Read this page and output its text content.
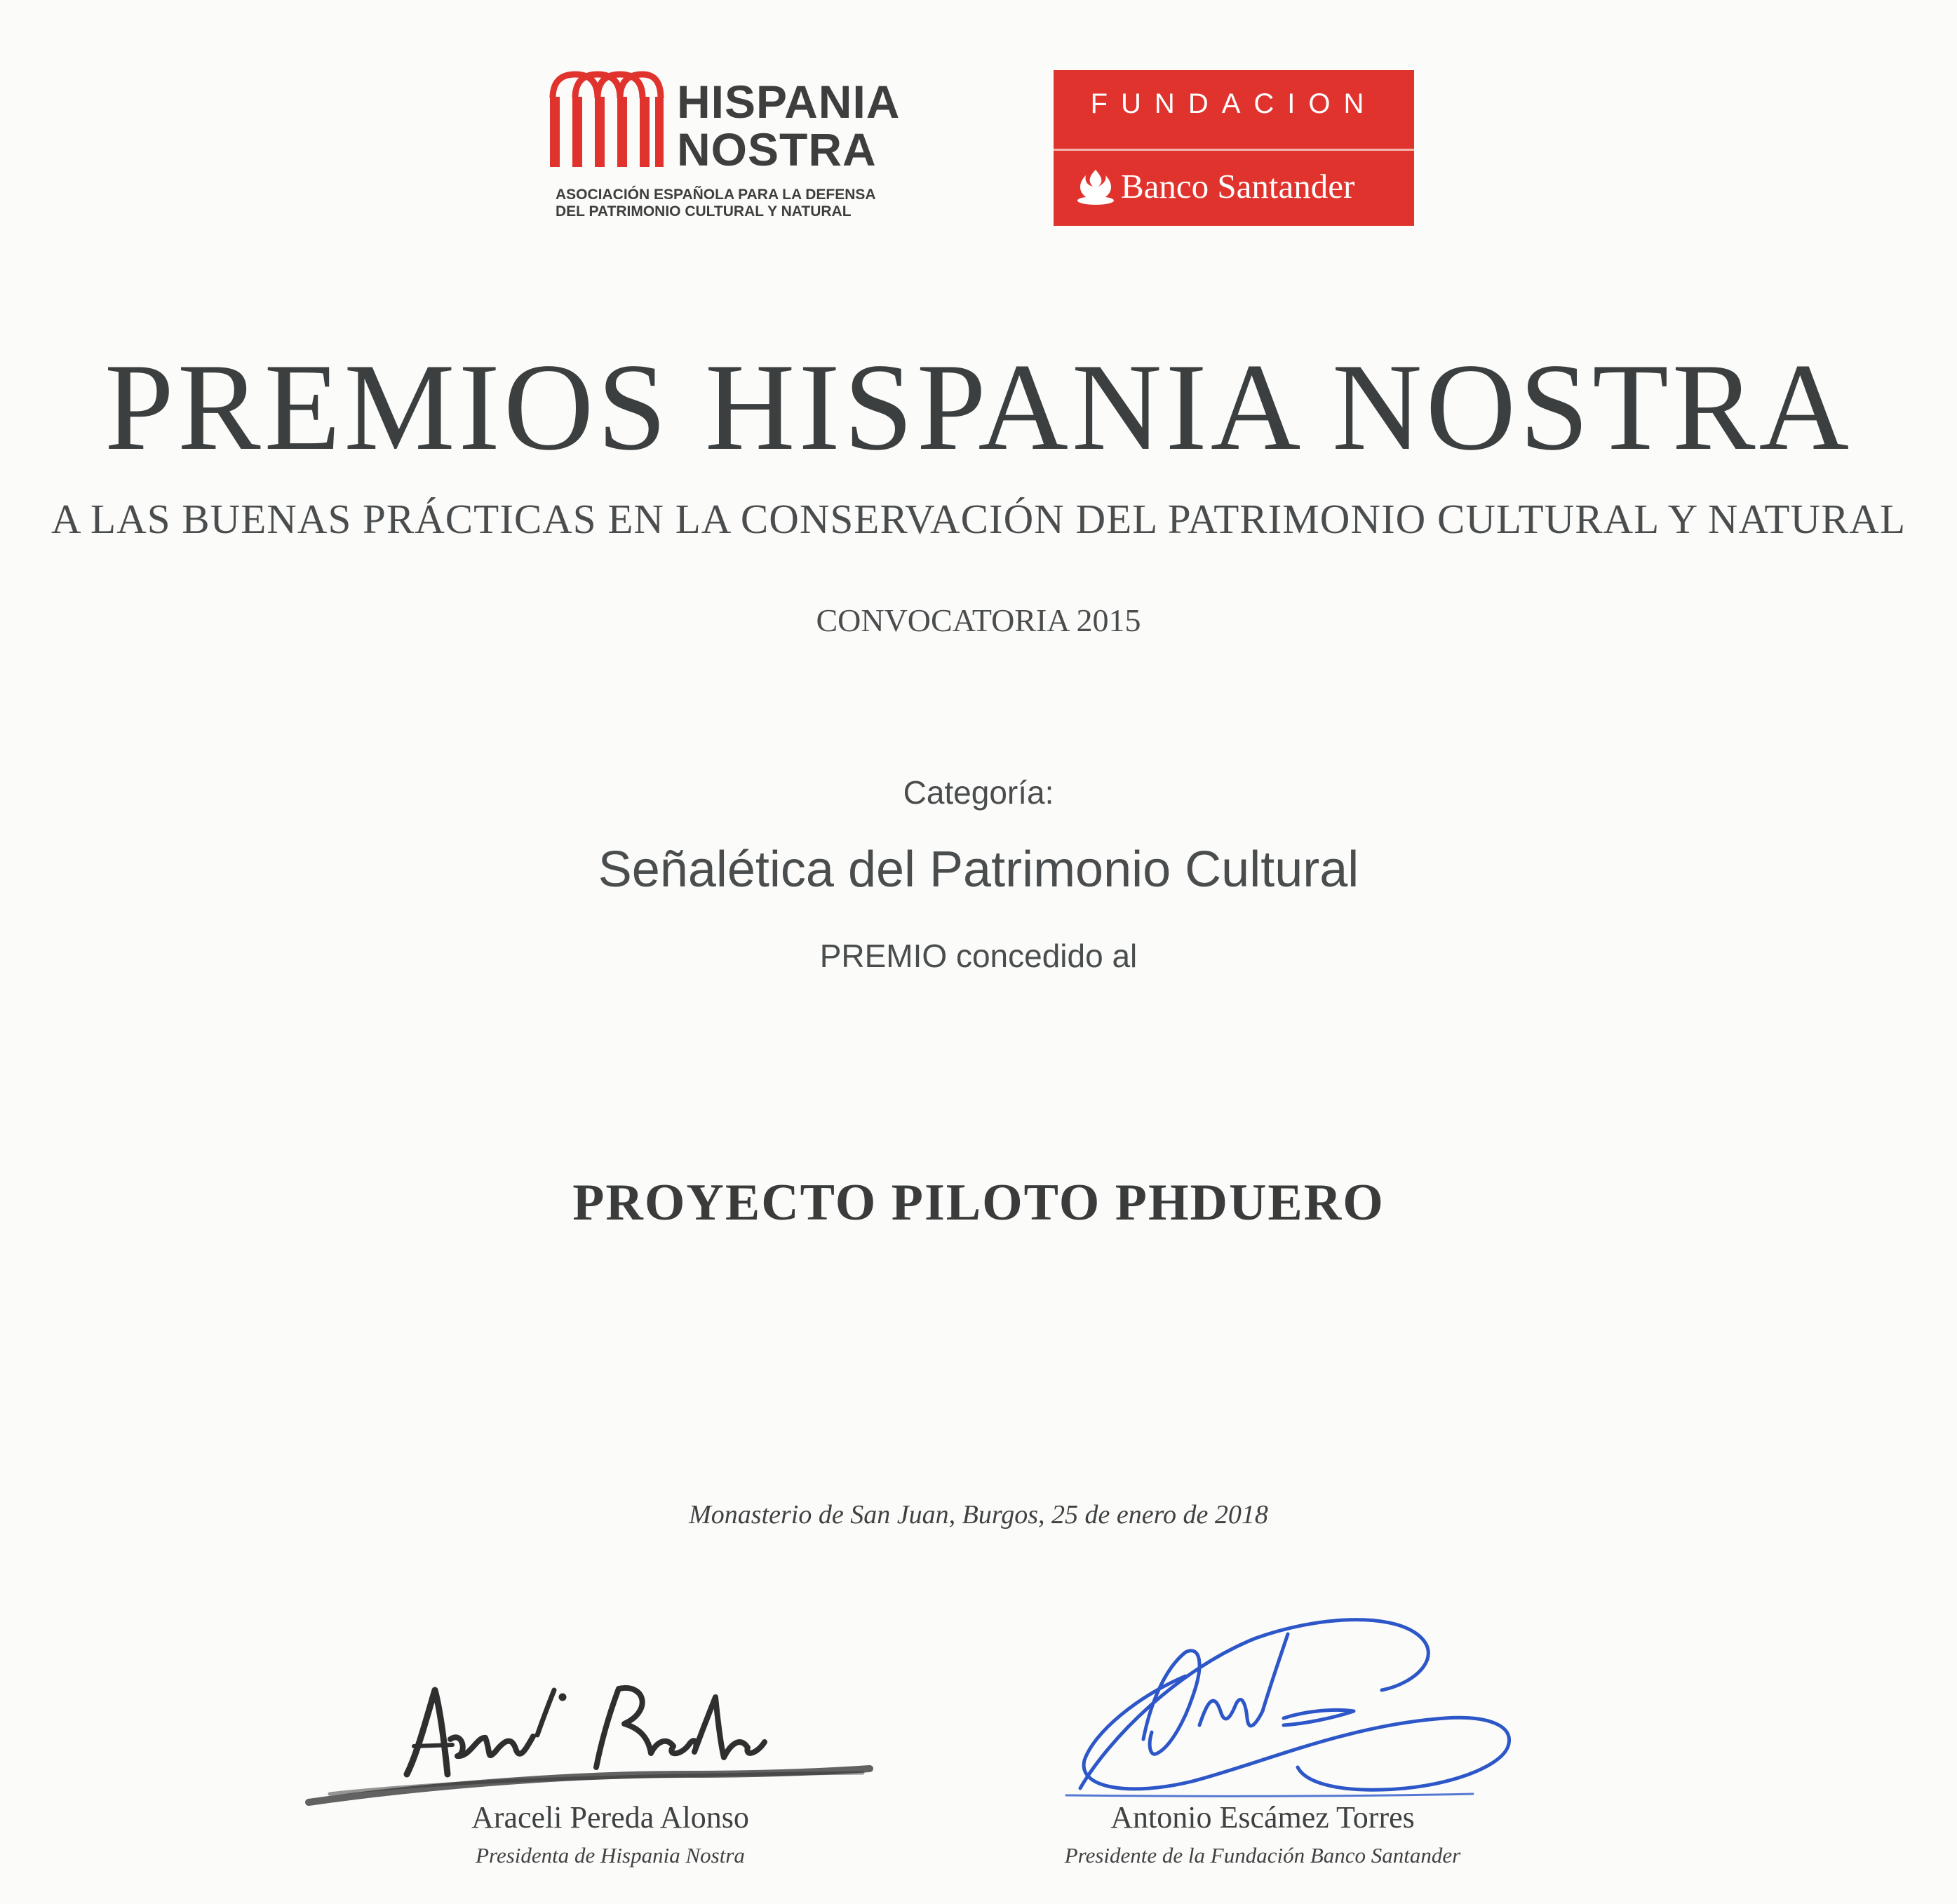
HISPANIA
NOSTRA
ASOCIACIÓN ESPAÑOLA PARA LA DEFENSA
DEL PATRIMONIO CULTURAL Y NATURAL
FUNDACION
Banco Santander
PREMIOS HISPANIA NOSTRA
A LAS BUENAS PRÁCTICAS EN LA CONSERVACIÓN DEL PATRIMONIO CULTURAL Y NATURAL
CONVOCATORIA 2015
Categoría:
Señalética del Patrimonio Cultural
PREMIO concedido al
PROYECTO PILOTO PHDUERO
Monasterio de San Juan, Burgos, 25 de enero de 2018
Araceli Pereda Alonso
Presidenta de Hispania Nostra
Antonio Escámez Torres
Presidente de la Fundación Banco Santander
